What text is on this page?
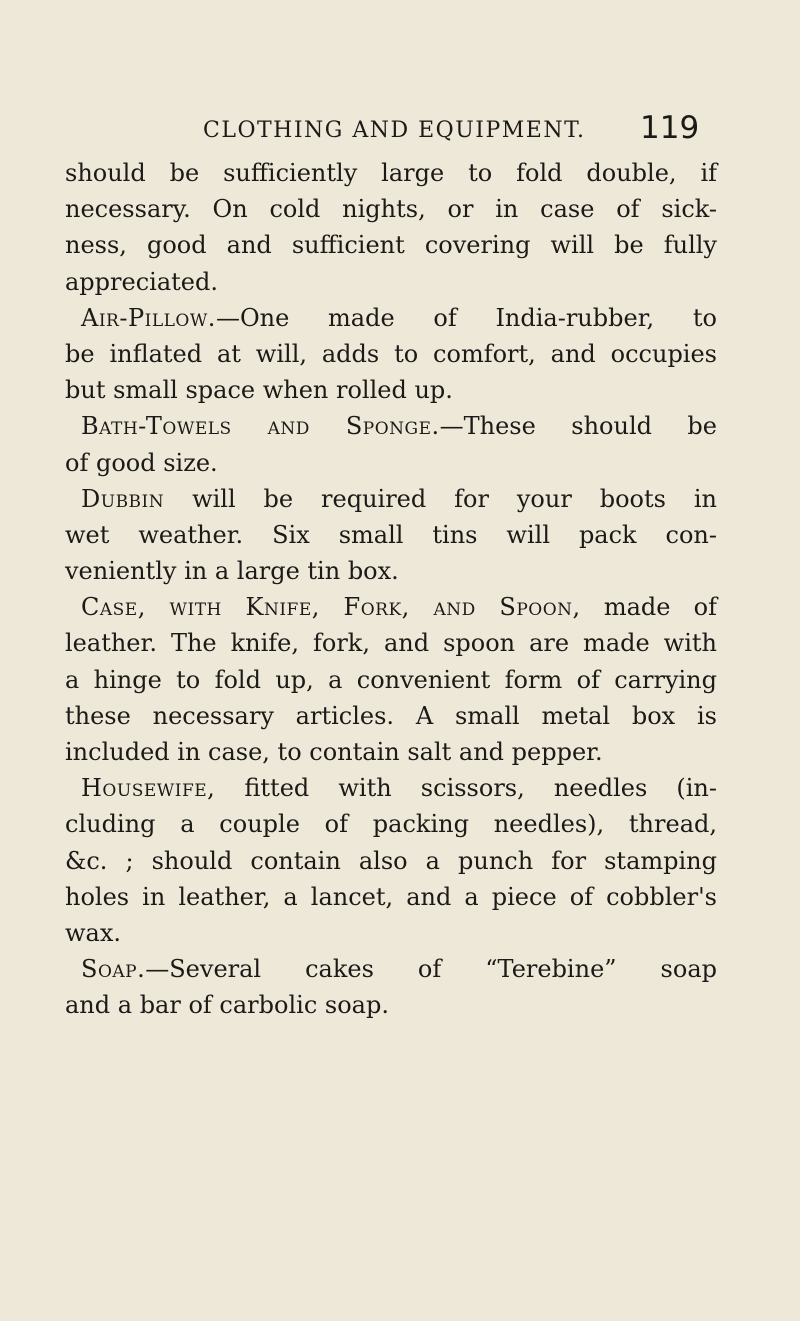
CLOTHING AND EQUIPMENT. 119
should be sufficiently large to fold double, if
necessary. On cold nights, or in case of sick-
ness, good and sufficient covering will be fully
appreciated.
Air-Pillow.—One made of India-rubber, to
be inflated at will, adds to comfort, and occupies
but small space when rolled up.
Bath-Towels and Sponge.—These should be
of good size.
Dubbin will be required for your boots in
wet weather. Six small tins will pack con-
veniently in a large tin box.
Case, with Knife, Fork, and Spoon, made of
leather. The knife, fork, and spoon are made with
a hinge to fold up, a convenient form of carrying
these necessary articles. A small metal box is
included in case, to contain salt and pepper.
Housewife, fitted with scissors, needles (in-
cluding a couple of packing needles), thread,
&c. ; should contain also a punch for stamping
holes in leather, a lancet, and a piece of cobbler's
wax.
Soap.—Several cakes of “Terebine” soap
and a bar of carbolic soap.
